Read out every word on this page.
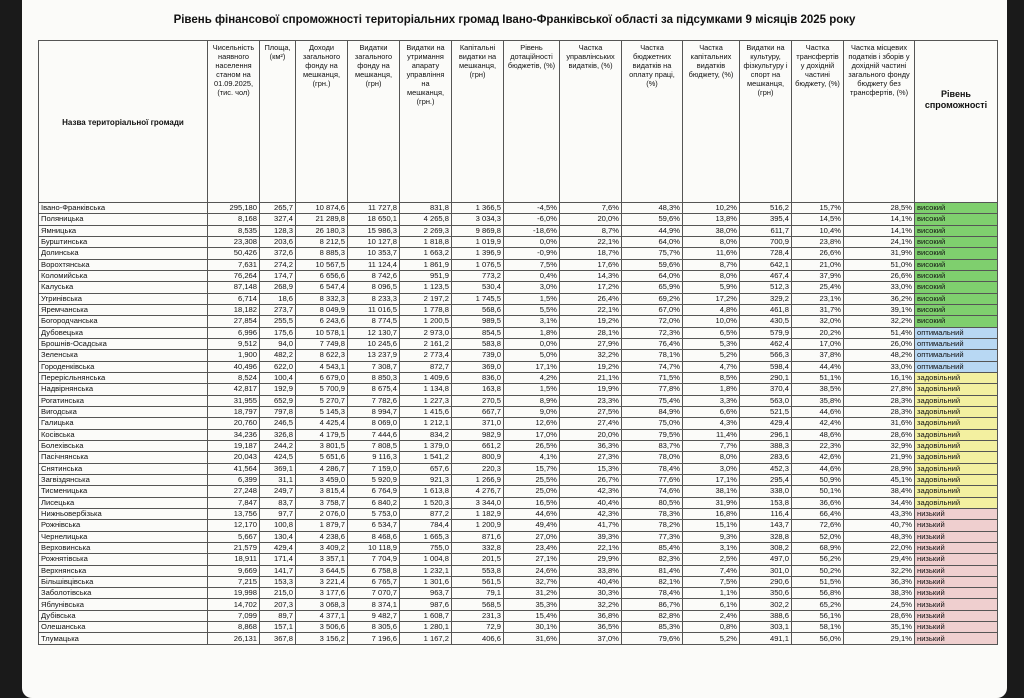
Рівень фінансової спроможності територіальних громад Івано-Франківської області за підсумками 9 місяців 2025 року
Назва територіальної громади	Чисельність наявного населення станом на 01.09.2025, (тис. чол)	Площа, (км²)	Доходи загального фонду на мешканця, (грн.)	Видатки загального фонду на мешканця, (грн)	Видатки на утримання апарату управління на мешканця, (грн.)	Капітальні видатки на мешканця, (грн)	Рівень дотаційності бюджетів, (%)	Частка управлінських видатків, (%)	Частка бюджетних видатків на оплату праці, (%)	Частка капітальних видатків бюджету, (%)	Видатки на культуру, фізкультуру і спорт на мешканця, (грн)	Частка трансфертів у дохідній частині бюджету, (%)	Частка місцевих податків і зборів у дохідній частині загального фонду бюджету без трансфертів, (%)	Рівень спроможності
Івано-Франківська	295,180	265,7	10 874,6	11 727,8	831,8	1 366,5	-4,5%	7,6%	48,3%	10,2%	516,2	15,7%	28,5%	високий
Поляницька	8,168	327,4	21 289,8	18 650,1	4 265,8	3 034,3	-6,0%	20,0%	59,6%	13,8%	395,4	14,5%	14,1%	високий
Ямницька	8,535	128,3	26 180,3	15 986,3	2 269,3	9 869,8	-18,6%	8,7%	44,9%	38,0%	611,7	10,4%	14,1%	високий
Бурштинська	23,308	203,6	8 212,5	10 127,8	1 818,8	1 019,9	0,0%	22,1%	64,0%	8,0%	700,9	23,8%	24,1%	високий
Долинська	50,426	372,6	8 885,3	10 353,7	1 663,2	1 396,9	-0,9%	18,7%	75,7%	11,6%	728,4	26,6%	31,9%	високий
Ворохтянська	7,631	274,2	10 567,5	11 124,4	1 861,9	1 076,5	7,5%	17,6%	59,6%	8,7%	642,1	21,0%	51,0%	високий
Коломийська	76,264	174,7	6 656,6	8 742,6	951,9	773,2	0,4%	14,3%	64,0%	8,0%	467,4	37,9%	26,6%	високий
Калуська	87,148	268,9	6 547,4	8 096,5	1 123,5	530,4	3,0%	17,2%	65,9%	5,9%	512,3	25,4%	33,0%	високий
Угринівська	6,714	18,6	8 332,3	8 233,3	2 197,2	1 745,5	1,5%	26,4%	69,2%	17,2%	329,2	23,1%	36,2%	високий
Яремчанська	18,182	273,7	8 049,9	11 016,5	1 778,8	568,6	5,5%	22,1%	67,0%	4,8%	461,8	31,7%	39,1%	високий
Богородчанська	27,854	255,5	6 243,6	8 774,5	1 200,5	989,5	3,1%	19,2%	72,0%	10,0%	430,5	32,0%	32,2%	високий
Дубовецька	6,996	175,6	10 578,1	12 130,7	2 973,0	854,5	1,8%	28,1%	72,3%	6,5%	579,9	20,2%	51,4%	оптимальний
Брошнів-Осадська	9,512	94,0	7 749,8	10 245,6	2 161,2	583,8	0,0%	27,9%	76,4%	5,3%	462,4	17,0%	26,0%	оптимальний
Зеленська	1,900	482,2	8 622,3	13 237,9	2 773,4	739,0	5,0%	32,2%	78,1%	5,2%	566,3	37,8%	48,2%	оптимальний
Городенківська	40,496	622,0	4 543,1	7 308,7	872,7	369,0	17,1%	19,2%	74,7%	4,7%	598,4	44,4%	33,0%	оптимальний
Перерісльнянська	8,524	100,4	6 679,0	8 850,3	1 409,6	836,0	4,2%	21,1%	71,5%	8,5%	290,1	51,1%	16,1%	задовільний
Надвірнянська	42,817	192,9	5 700,9	8 675,4	1 134,8	163,8	1,5%	19,9%	77,8%	1,8%	370,4	38,5%	27,8%	задовільний
Рогатинська	31,955	652,9	5 270,7	7 782,6	1 227,3	270,5	8,9%	23,3%	75,4%	3,3%	563,0	35,8%	28,3%	задовільний
Вигодська	18,797	797,8	5 145,3	8 994,7	1 415,6	667,7	9,0%	27,5%	84,9%	6,6%	521,5	44,6%	28,3%	задовільний
Галицька	20,760	246,5	4 425,4	8 069,0	1 212,1	371,0	12,6%	27,4%	75,0%	4,3%	429,4	42,4%	31,6%	задовільний
Косівська	34,236	326,8	4 179,5	7 444,6	834,2	982,9	17,0%	20,0%	79,5%	11,4%	296,1	48,6%	28,6%	задовільний
Болехівська	19,187	244,2	3 801,5	7 808,5	1 379,0	661,2	26,5%	36,3%	83,7%	7,7%	388,3	22,3%	32,9%	задовільний
Пасічнянська	20,043	424,5	5 651,6	9 116,3	1 541,2	800,9	4,1%	27,3%	78,0%	8,0%	283,6	42,6%	21,9%	задовільний
Снятинська	41,564	369,1	4 286,7	7 159,0	657,6	220,3	15,7%	15,3%	78,4%	3,0%	452,3	44,6%	28,9%	задовільний
Загвіздянська	6,399	31,1	3 459,0	5 920,9	921,3	1 266,9	25,5%	26,7%	77,6%	17,1%	295,4	50,9%	45,1%	задовільний
Тисменицька	27,248	249,7	3 815,4	6 764,9	1 613,8	4 276,7	25,0%	42,3%	74,6%	38,1%	338,0	50,1%	38,4%	задовільний
Лисецька	7,847	83,7	3 758,7	6 840,2	1 520,3	3 344,0	16,5%	40,4%	80,5%	31,9%	153,8	36,6%	34,4%	задовільний
Нижньовербізька	13,756	97,7	2 076,0	5 753,0	877,2	1 182,9	44,6%	42,3%	78,3%	16,8%	116,4	66,4%	43,3%	низький
Рожнівська	12,170	100,8	1 879,7	6 534,7	784,4	1 200,9	49,4%	41,7%	78,2%	15,1%	143,7	72,6%	40,7%	низький
Чернелицька	5,667	130,4	4 238,6	8 468,6	1 665,3	871,6	27,0%	39,3%	77,3%	9,3%	328,8	52,0%	48,3%	низький
Верховинська	21,579	429,4	3 409,2	10 118,9	755,0	332,8	23,4%	22,1%	85,4%	3,1%	308,2	68,9%	22,0%	низький
Рожнятівська	18,911	171,4	3 357,1	7 704,9	1 004,8	201,5	27,1%	29,9%	82,3%	2,5%	497,0	56,2%	29,4%	низький
Верхнянська	9,669	141,7	3 644,5	6 758,8	1 232,1	553,8	24,6%	33,8%	81,4%	7,4%	301,0	50,2%	32,2%	низький
Більшівцівська	7,215	153,3	3 221,4	6 765,7	1 301,6	561,5	32,7%	40,4%	82,1%	7,5%	290,6	51,5%	36,3%	низький
Заболотівська	19,998	215,0	3 177,6	7 070,7	963,7	79,1	31,2%	30,3%	78,4%	1,1%	350,6	56,8%	38,3%	низький
Яблунівська	14,702	207,3	3 068,3	8 374,1	987,6	568,5	35,3%	32,2%	86,7%	6,1%	302,2	65,2%	24,5%	низький
Дубівська	7,099	89,7	4 377,1	9 482,7	1 608,7	231,3	15,4%	36,8%	82,8%	2,4%	388,6	56,1%	28,6%	низький
Олешанська	8,868	157,1	3 506,6	8 305,6	1 280,1	72,9	30,1%	36,5%	85,3%	0,8%	303,1	58,1%	35,1%	низький
Тлумацька	26,131	367,8	3 156,2	7 196,6	1 167,2	406,6	31,6%	37,0%	79,6%	5,2%	491,1	56,0%	29,1%	низький
